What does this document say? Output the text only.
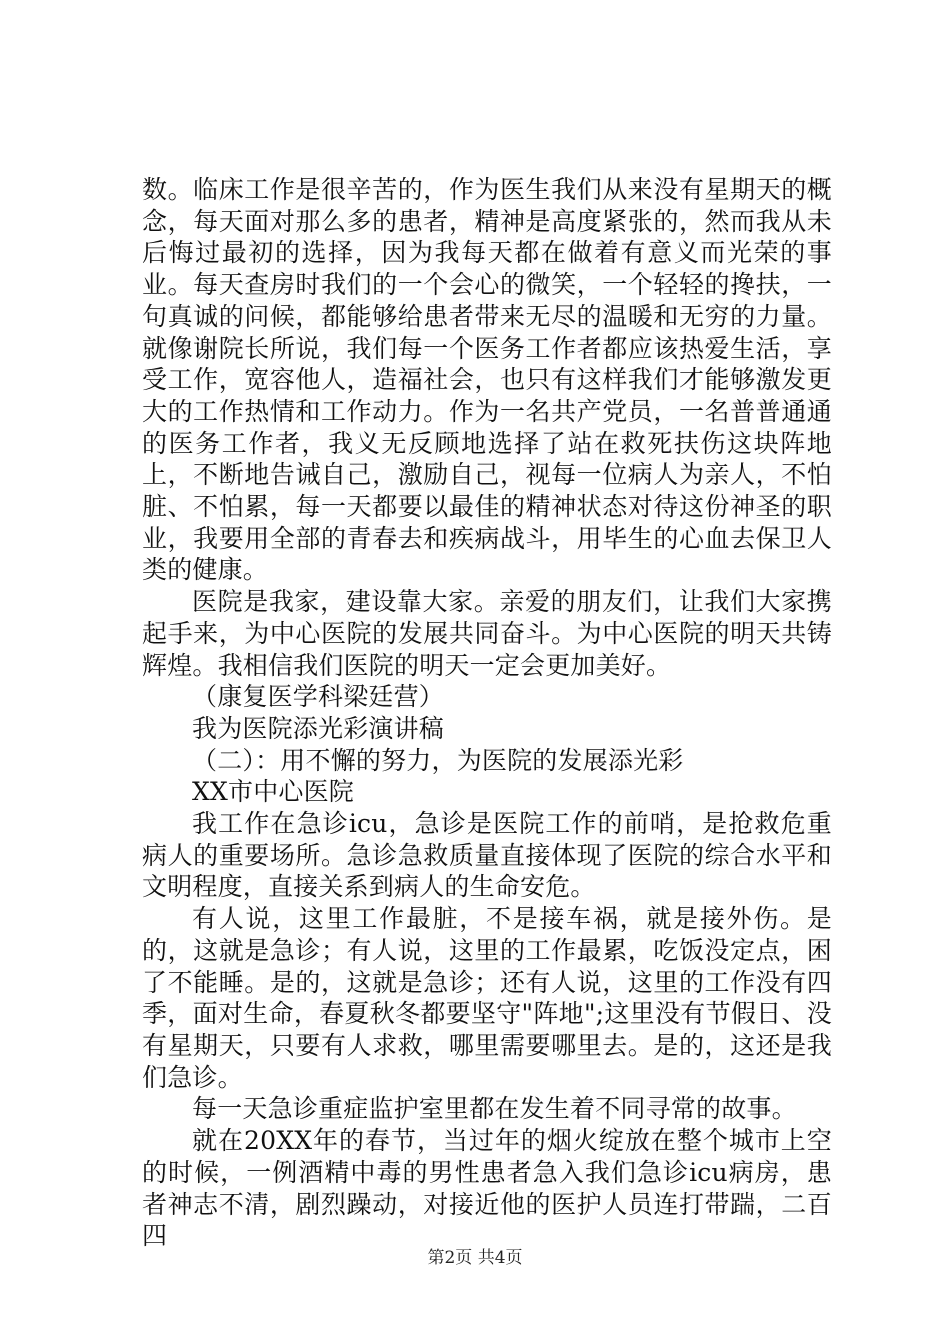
数。临床工作是很辛苦的，作为医生我们从来没有星期天的概念，每天面对那么多的患者，精神是高度紧张的，然而我从未后悔过最初的选择，因为我每天都在做着有意义而光荣的事业。每天查房时我们的一个会心的微笑，一个轻轻的搀扶，一句真诚的问候，都能够给患者带来无尽的温暖和无穷的力量。就像谢院长所说，我们每一个医务工作者都应该热爱生活，享受工作，宽容他人，造福社会，也只有这样我们才能够激发更大的工作热情和工作动力。作为一名共产党员，一名普普通通的医务工作者，我义无反顾地选择了站在救死扶伤这块阵地上，不断地告诫自己，激励自己，视每一位病人为亲人，不怕脏、不怕累，每一天都要以最佳的精神状态对待这份神圣的职业，我要用全部的青春去和疾病战斗，用毕生的心血去保卫人类的健康。

医院是我家，建设靠大家。亲爱的朋友们，让我们大家携起手来，为中心医院的发展共同奋斗。为中心医院的明天共铸辉煌。我相信我们医院的明天一定会更加美好。

（康复医学科梁廷营）

我为医院添光彩演讲稿

（二）：用不懈的努力，为医院的发展添光彩

XX市中心医院

我工作在急诊icu，急诊是医院工作的前哨，是抢救危重病人的重要场所。急诊急救质量直接体现了医院的综合水平和文明程度，直接关系到病人的生命安危。

有人说，这里工作最脏，不是接车祸，就是接外伤。是的，这就是急诊；有人说，这里的工作最累，吃饭没定点，困了不能睡。是的，这就是急诊；还有人说，这里的工作没有四季，面对生命，春夏秋冬都要坚守"阵地";这里没有节假日、没有星期天，只要有人求救，哪里需要哪里去。是的，这还是我们急诊。

每一天急诊重症监护室里都在发生着不同寻常的故事。

就在20XX年的春节，当过年的烟火绽放在整个城市上空的时候，一例酒精中毒的男性患者急入我们急诊icu病房，患者神志不清，剧烈躁动，对接近他的医护人员连打带踹，二百四

第2页 共4页
